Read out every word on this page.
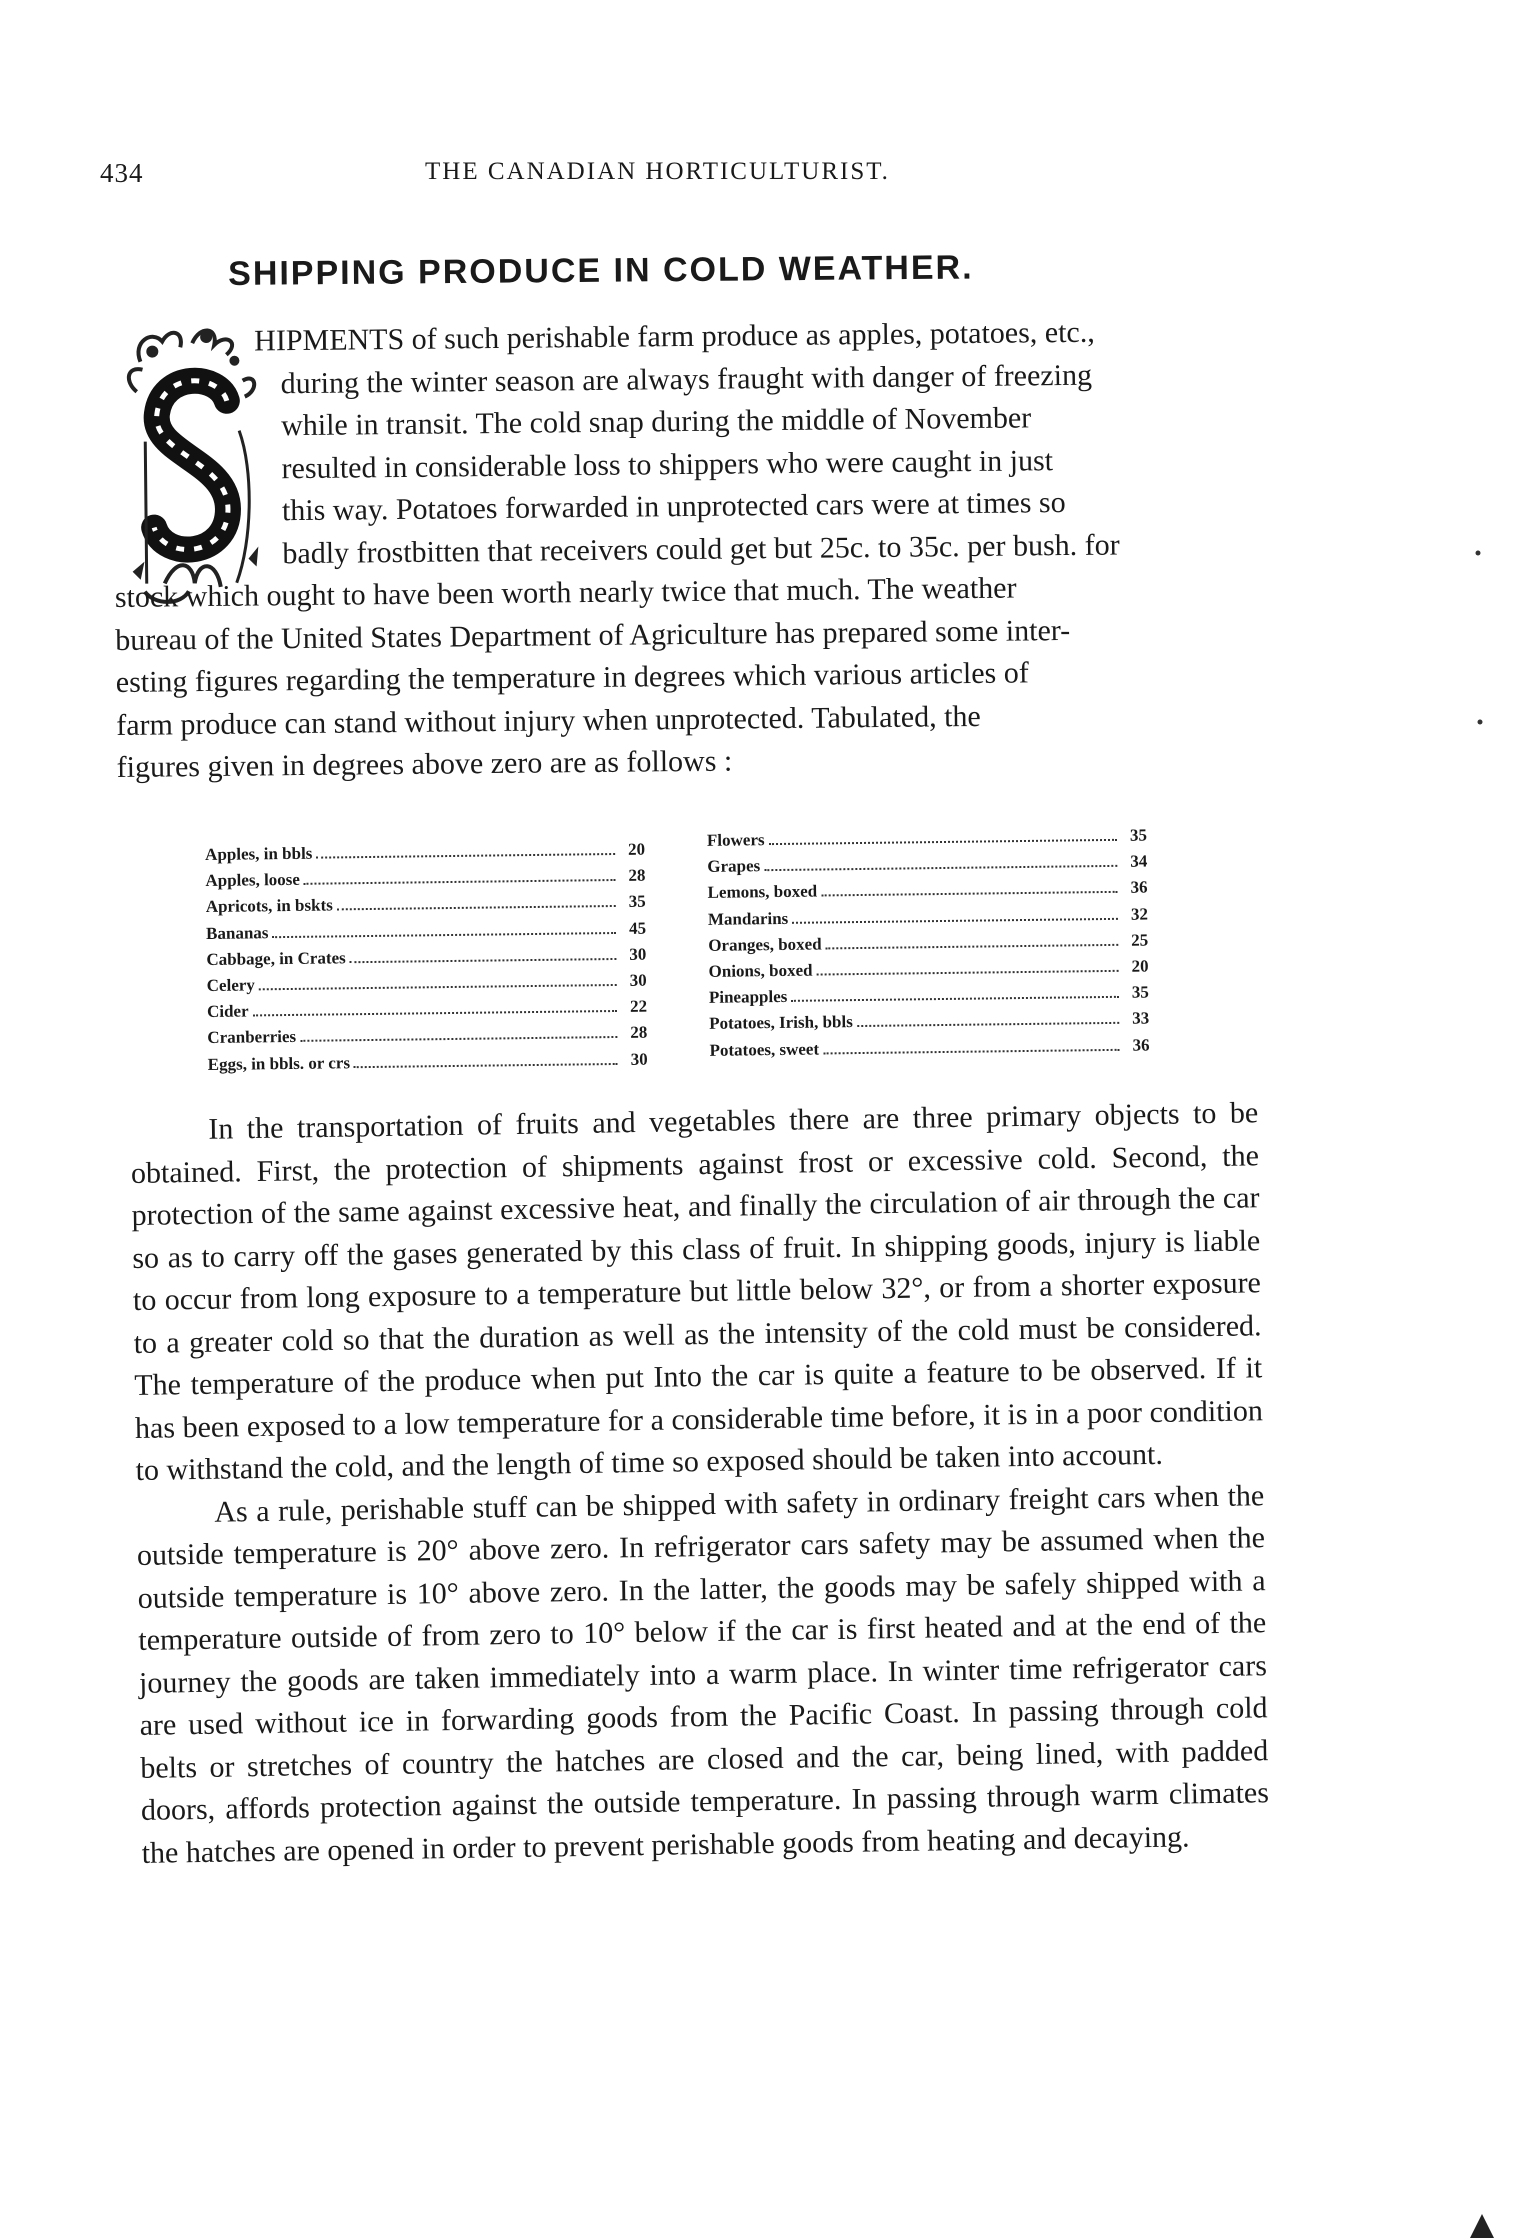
434	THE CANADIAN HORTICULTURIST.
SHIPPING PRODUCE IN COLD WEATHER.
HIPMENTS of such perishable farm produce as apples, potatoes, etc.,
during the winter season are always fraught with danger of freezing
while in transit. The cold snap during the middle of November
resulted in considerable loss to shippers who were caught in just
this way. Potatoes forwarded in unprotected cars were at times so
badly frostbitten that receivers could get but 25c. to 35c. per bush. for
stock which ought to have been worth nearly twice that much. The weather
bureau of the United States Department of Agriculture has prepared some inter-
esting figures regarding the temperature in degrees which various articles of
farm produce can stand without injury when unprotected. Tabulated, the
figures given in degrees above zero are as follows :
Apples, in bbls	20
Apples, loose	28
Apricots, in bskts	35
Bananas	45
Cabbage, in Crates	30
Celery	30
Cider	22
Cranberries	28
Eggs, in bbls. or crs	30
Flowers	35
Grapes	34
Lemons, boxed	36
Mandarins	32
Oranges, boxed	25
Onions, boxed	20
Pineapples	35
Potatoes, Irish, bbls	33
Potatoes, sweet	36

In the transportation of fruits and vegetables there are three primary objects to be obtained. First, the protection of shipments against frost or excessive cold. Second, the protection of the same against excessive heat, and finally the circulation of air through the car so as to carry off the gases generated by this class of fruit. In shipping goods, injury is liable to occur from long exposure to a temperature but little below 32°, or from a shorter exposure to a greater cold so that the duration as well as the intensity of the cold must be considered. The temperature of the produce when put Into the car is quite a feature to be observed. If it has been exposed to a low temperature for a considerable time before, it is in a poor condition to withstand the cold, and the length of time so exposed should be taken into account.

As a rule, perishable stuff can be shipped with safety in ordinary freight cars when the outside temperature is 20° above zero. In refrigerator cars safety may be assumed when the outside temperature is 10° above zero. In the latter, the goods may be safely shipped with a temperature outside of from zero to 10° below if the car is first heated and at the end of the journey the goods are taken immediately into a warm place. In winter time refrigerator cars are used without ice in forwarding goods from the Pacific Coast. In passing through cold belts or stretches of country the hatches are closed and the car, being lined, with padded doors, affords protection against the outside temperature. In passing through warm climates the hatches are opened in order to prevent perishable goods from heating and decaying.
